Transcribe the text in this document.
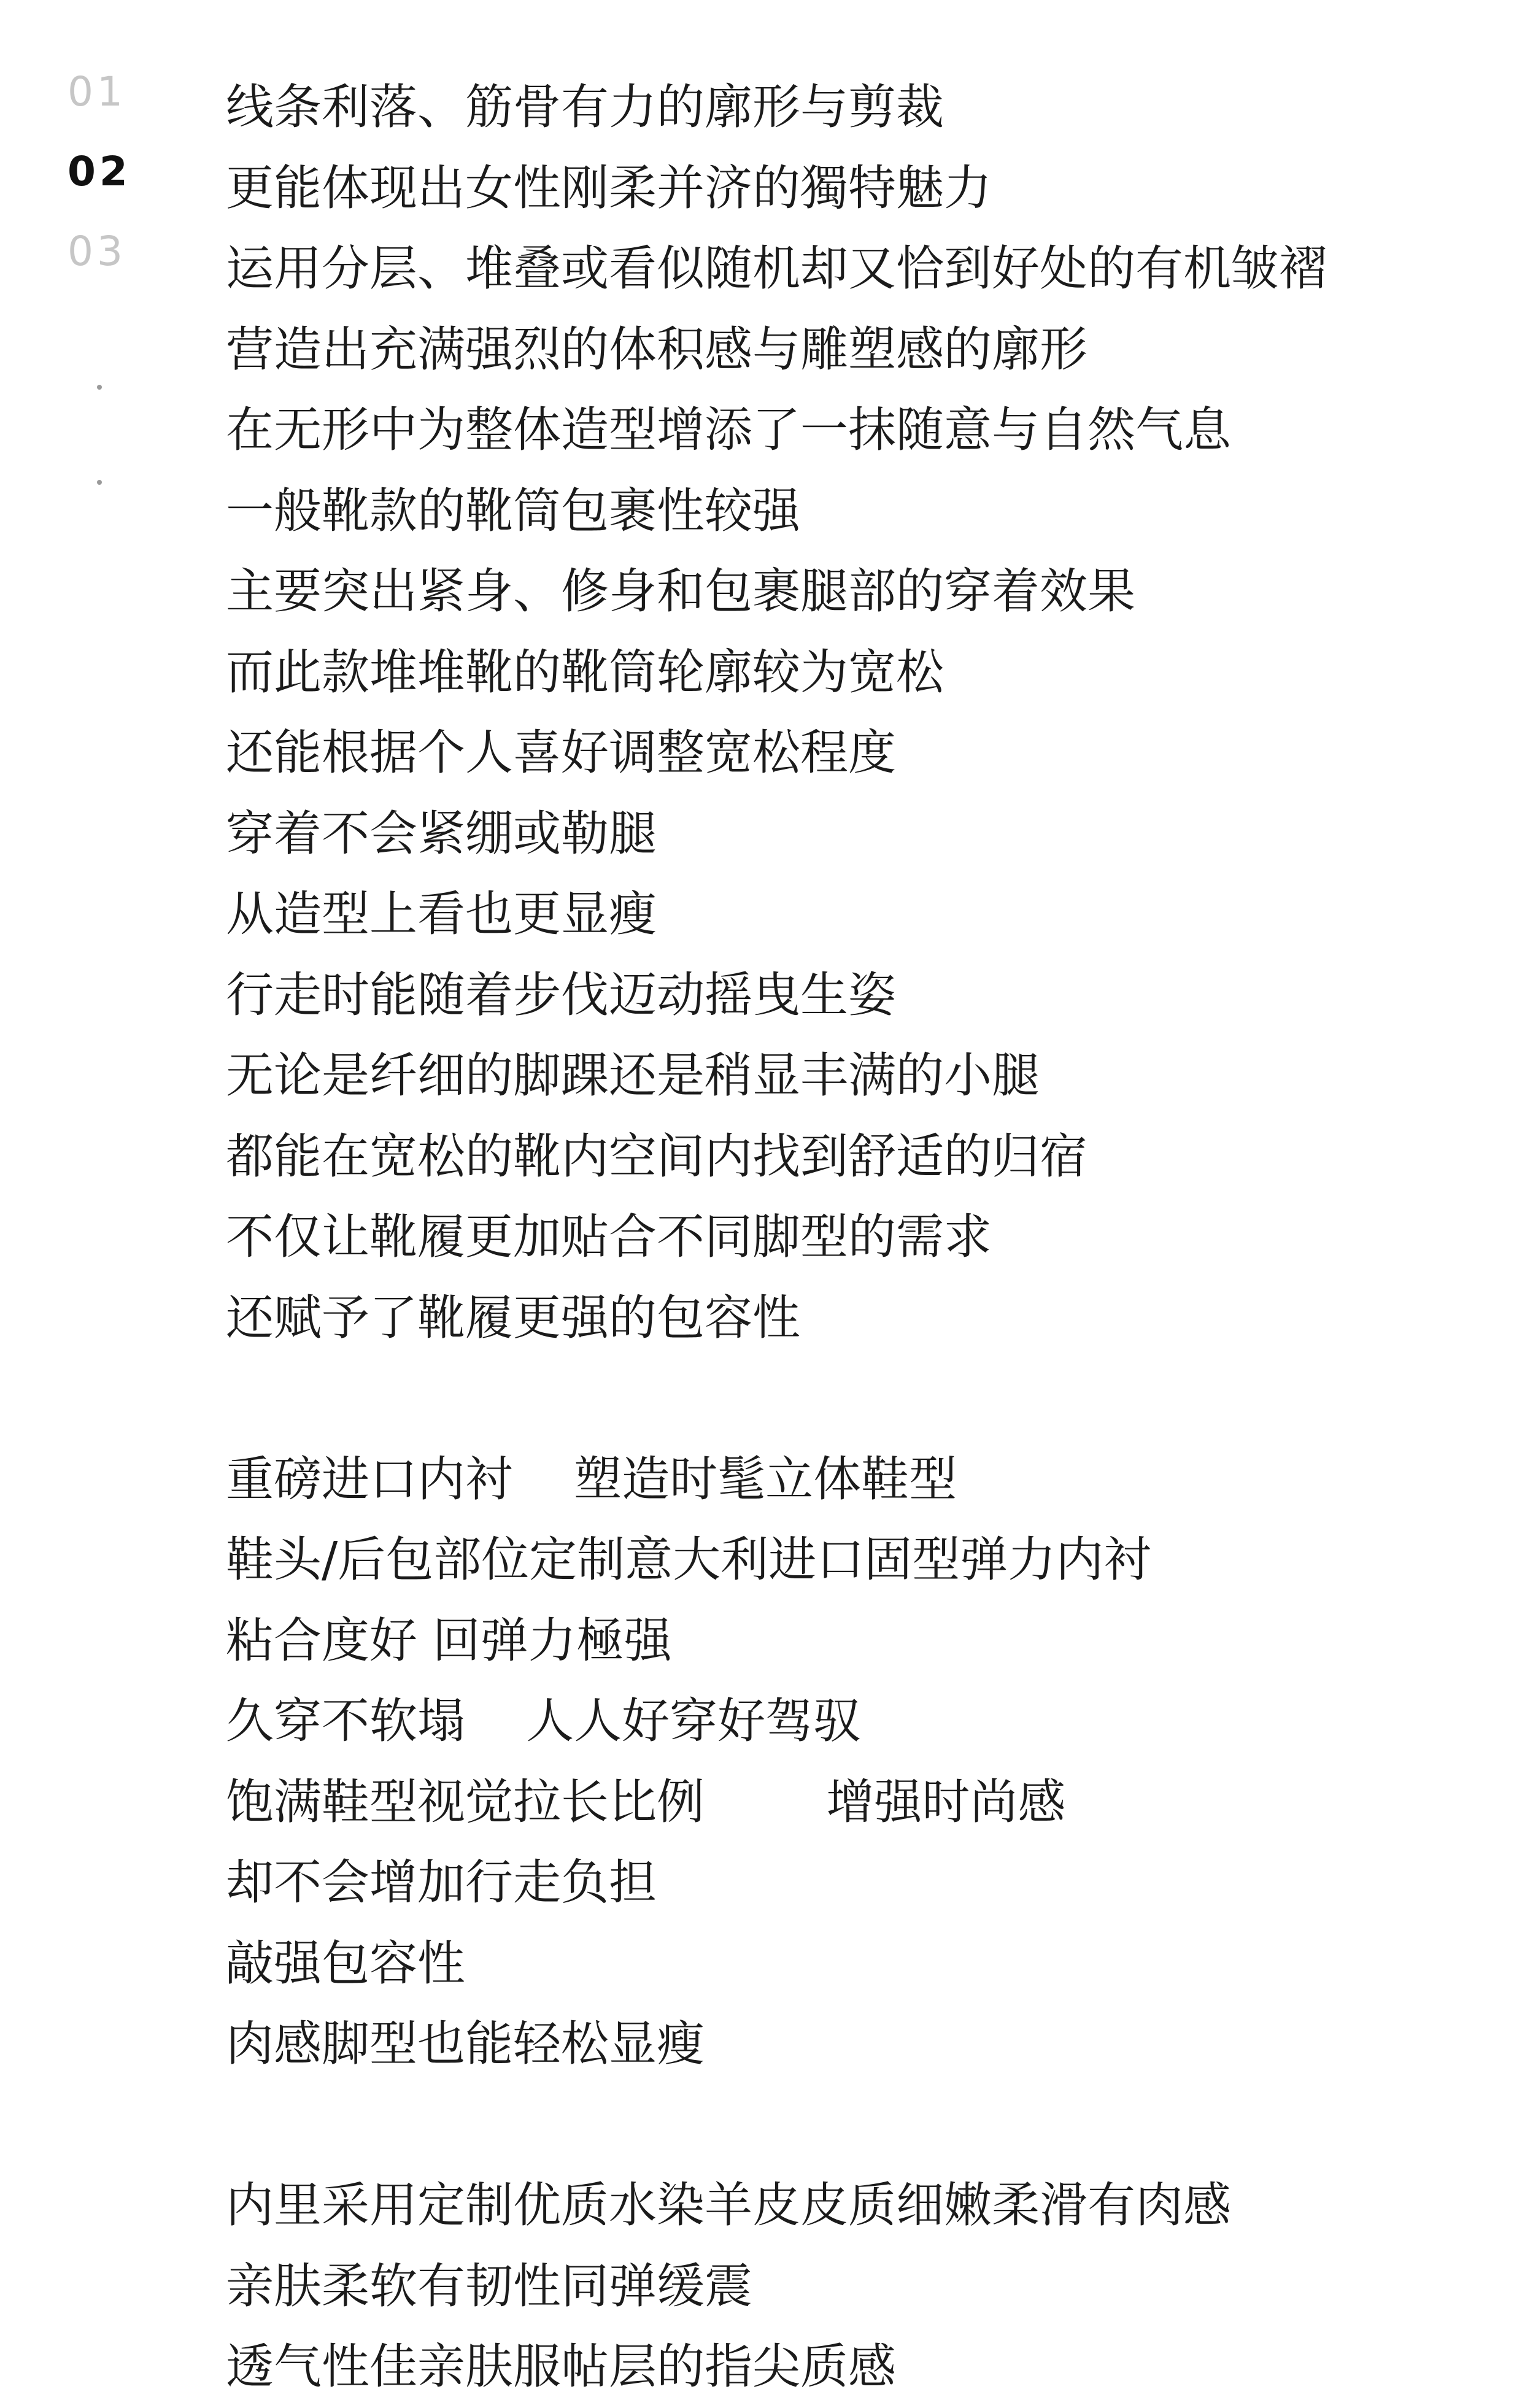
01
02
03
线条利落、筋骨有力的廓形与剪裁
更能体现出女性刚柔并济的獨特魅力
运用分层、堆叠或看似随机却又恰到好处的有机皱褶
营造出充满强烈的体积感与雕塑感的廓形
在无形中为整体造型增添了一抹随意与自然气息
一般靴款的靴筒包裹性较强
主要突出紧身、修身和包裹腿部的穿着效果
而此款堆堆靴的靴筒轮廓较为宽松
还能根据个人喜好调整宽松程度
穿着不会紧绷或勒腿
从造型上看也更显瘦
行走时能随着步伐迈动摇曳生姿
无论是纤细的脚踝还是稍显丰满的小腿
都能在宽松的靴内空间内找到舒适的归宿
不仅让靴履更加贴合不同脚型的需求
还赋予了靴履更强的包容性
重磅进口内衬    塑造时髦立体鞋型
鞋头/后包部位定制意大利进口固型弹力内衬
粘合度好 回弹力極强
久穿不软塌    人人好穿好驾驭
饱满鞋型视觉拉长比例        增强时尚感
却不会增加行走负担
敲强包容性
肉感脚型也能轻松显瘦
内里采用定制优质水染羊皮皮质细嫩柔滑有肉感
亲肤柔软有韧性同弹缓震
透气性佳亲肤服帖层的指尖质感
